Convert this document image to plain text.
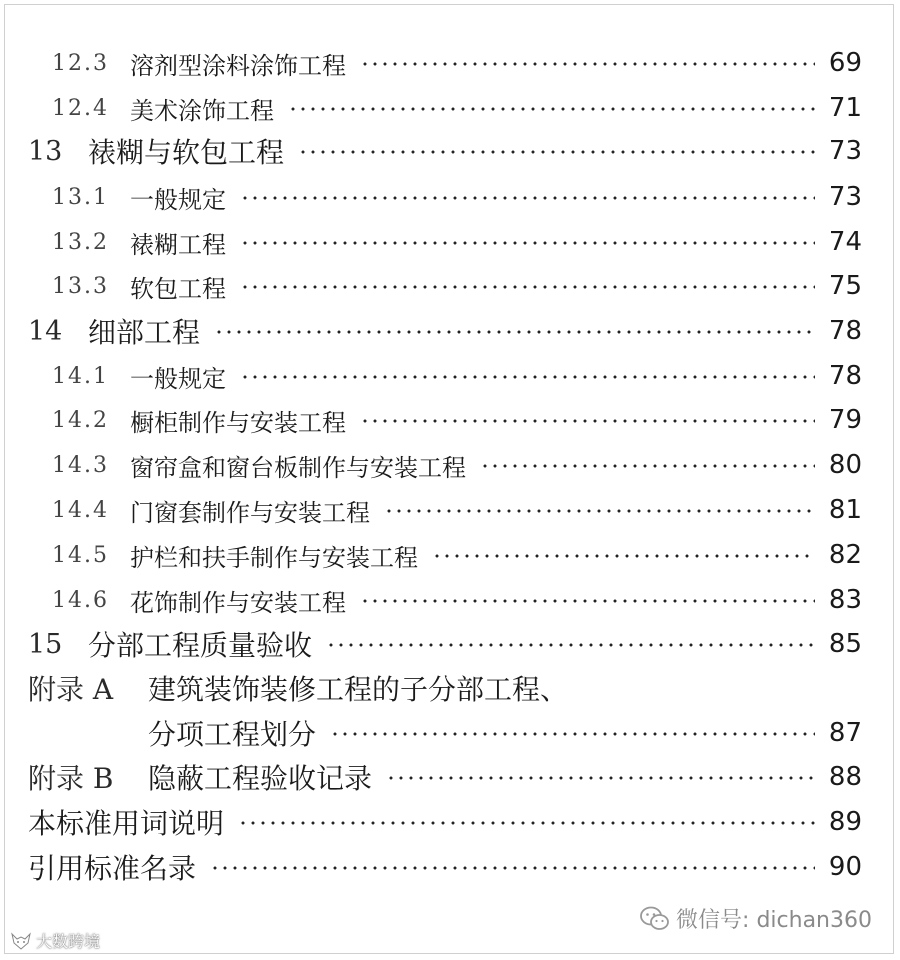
12.3 溶剂型涂料涂饰工程	69
12.4 美术涂饰工程	71
13 裱糊与软包工程	73
13.1 一般规定	73
13.2 裱糊工程	74
13.3 软包工程	75
14 细部工程	78
14.1 一般规定	78
14.2 橱柜制作与安装工程	79
14.3 窗帘盒和窗台板制作与安装工程	80
14.4 门窗套制作与安装工程	81
14.5 护栏和扶手制作与安装工程	82
14.6 花饰制作与安装工程	83
15 分部工程质量验收	85
附录 A 建筑装饰装修工程的子分部工程、
分项工程划分	87
附录 B 隐蔽工程验收记录	88
本标准用词说明	89
引用标准名录	90
微信号: dichan360
大数跨境
